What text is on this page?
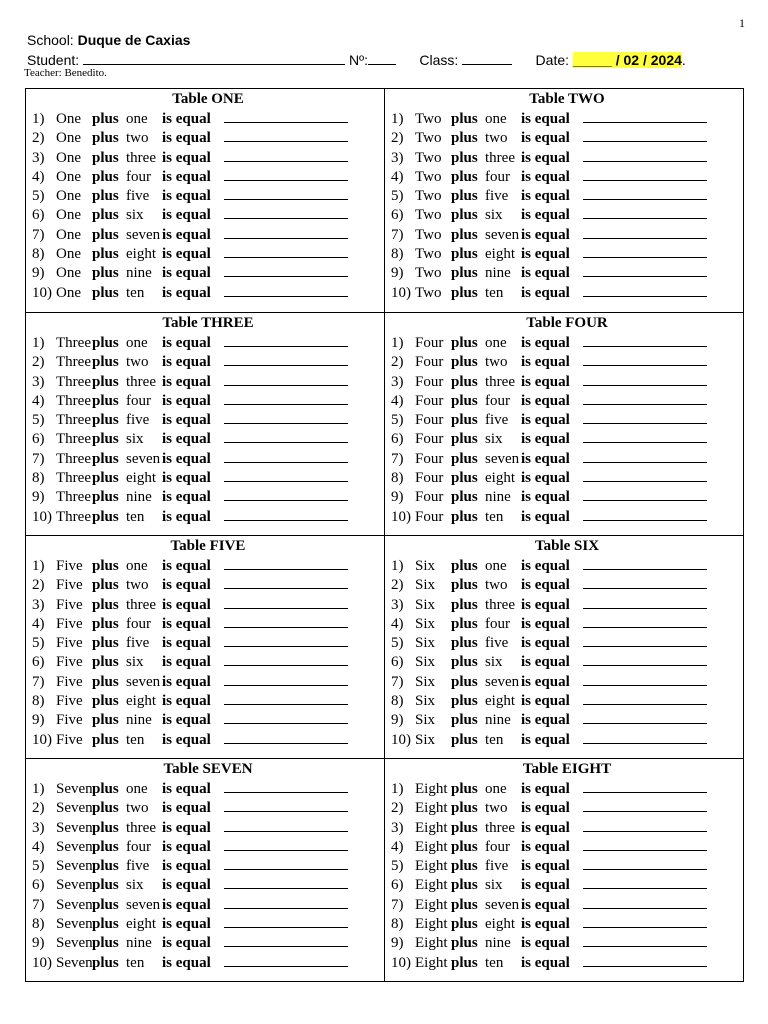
1
School: Duque de Caxias
Student:	Nº:	Class:	Date: _____ / 02 / 2024.
Teacher: Benedito.
Table ONE
1) One plus one is equal
2) One plus two is equal
3) One plus three is equal
4) One plus four is equal
5) One plus five is equal
6) One plus six	is equal
7) One plus seven is equal
8) One plus eight is equal
9) One plus nine is equal
10) One plus ten	is equal
Table TWO
1) Two plus one is equal
2) Two plus two is equal
3) Two plus three is equal
4) Two plus four is equal
5) Two plus five is equal
6) Two plus six	is equal
7) Two plus seven is equal
8) Two plus eight is equal
9) Two plus nine is equal
10) Two plus ten	is equal
Table THREE
1) Three plus one is equal
2) Three plus two is equal
3) Three plus three is equal
4) Three plus four is equal
5) Three plus five is equal
6) Three plus six	is equal
7) Three plus seven is equal
8) Three plus eight is equal
9) Three plus nine is equal
10) Three plus ten	is equal
Table FOUR
1) Four plus one is equal
2) Four plus two is equal
3) Four plus three is equal
4) Four plus four is equal
5) Four plus five is equal
6) Four plus six	is equal
7) Four plus seven is equal
8) Four plus eight is equal
9) Four plus nine is equal
10) Four plus ten	is equal
Table FIVE
1) Five plus one is equal
2) Five plus two is equal
3) Five plus three is equal
4) Five plus four is equal
5) Five plus five is equal
6) Five plus six	is equal
7) Five plus seven is equal
8) Five plus eight is equal
9) Five plus nine is equal
10) Five plus ten	is equal
Table SIX
1) Six	plus one is equal
2) Six	plus two is equal
3) Six	plus three is equal
4) Six	plus four is equal
5) Six	plus five is equal
6) Six	plus six	is equal
7) Six	plus seven is equal
8) Six	plus eight is equal
9) Six	plus nine is equal
10) Six	plus ten	is equal
Table SEVEN
1) Seven plus one is equal
2) Seven plus two is equal
3) Seven plus three is equal
4) Seven plus four is equal
5) Seven plus five is equal
6) Seven plus six	is equal
7) Seven plus seven is equal
8) Seven plus eight is equal
9) Seven plus nine is equal
10) Seven plus ten	is equal
Table EIGHT
1) Eight plus one is equal
2) Eight plus two is equal
3) Eight plus three is equal
4) Eight plus four is equal
5) Eight plus five is equal
6) Eight plus six	is equal
7) Eight plus seven is equal
8) Eight plus eight is equal
9) Eight plus nine is equal
10) Eight plus ten	is equal
